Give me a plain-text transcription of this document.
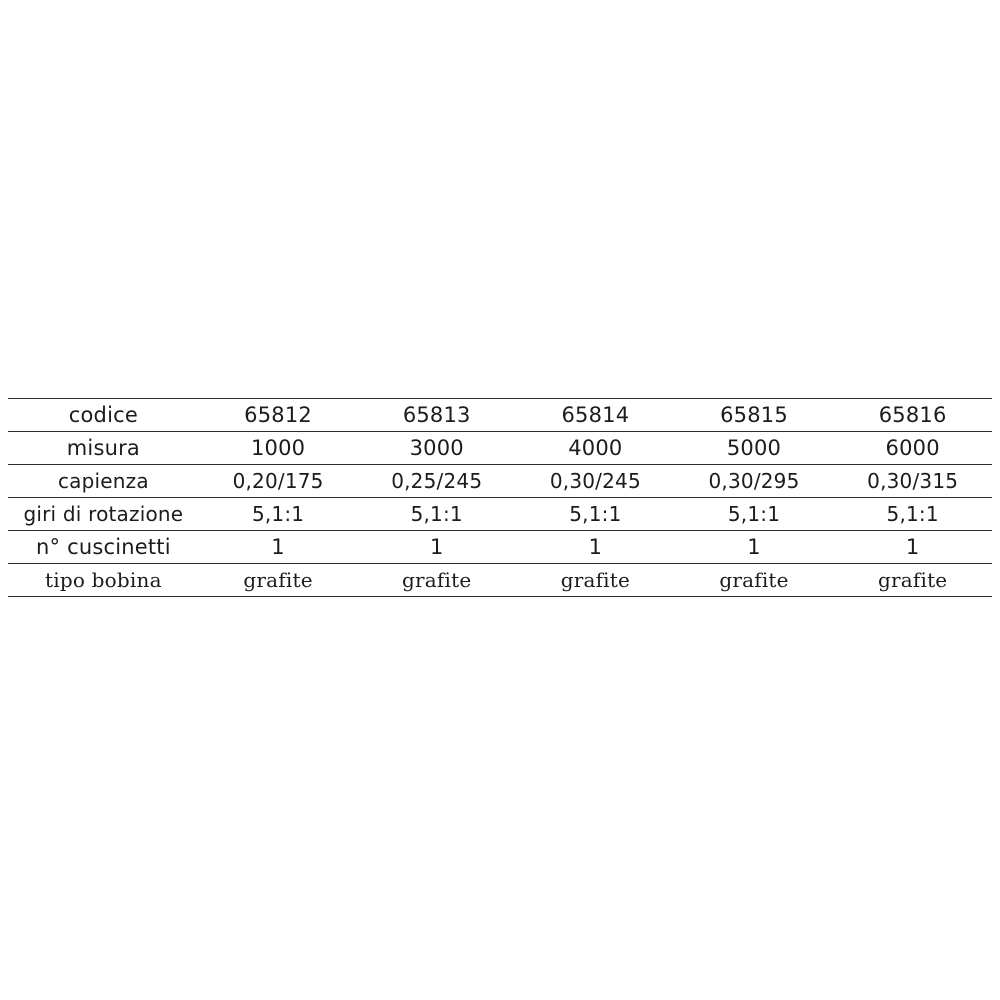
codice	65812	65813	65814	65815	65816
misura	1000	3000	4000	5000	6000
capienza	0,20/175	0,25/245	0,30/245	0,30/295	0,30/315
giri di rotazione	5,1:1	5,1:1	5,1:1	5,1:1	5,1:1
n° cuscinetti	1	1	1	1	1
tipo bobina	grafite	grafite	grafite	grafite	grafite
